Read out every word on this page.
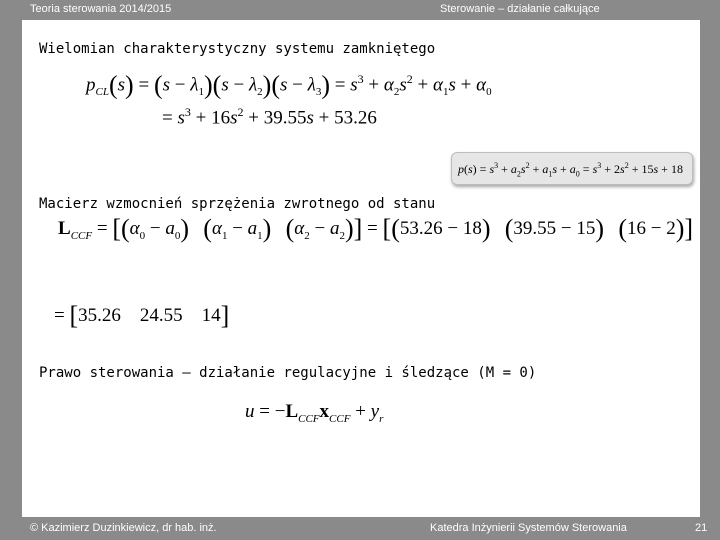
Teoria sterowania 2014/2015	Sterowanie – działanie całkujące
Wielomian charakterystyczny systemu zamkniętego
$p_{CL}(s) = (s - \lambda_1)(s - \lambda_2)(s - \lambda_3) = s^3 + \alpha_2s^2 + \alpha_1s + \alpha_0$
= $s^3 + 16s^2 + 39.55s + 53.26$
Macierz wzmocnień sprzężenia zwrotnego od stanu
$L_{CCF} = [(\alpha_0 - a_0) (\alpha_1 - a_1) (\alpha_2 - a_2)] = [(53.26 - 18) (39.55 - 15) (16 - 2)]$
= [35.26 24.55 14]
Prawo sterowania – działanie regulacyjne i śledzące (M = 0)
$u = -L_{CCF}x_{CCF} + y_r$
$p(s) = s^3 + a_2s^2 + a_1s + a_0 = s^3 + 2s^2 + 15s + 18$
© Kazimierz Duzinkiewicz, dr hab. inż.	Katedra Inżynierii Systemów Sterowania	21
